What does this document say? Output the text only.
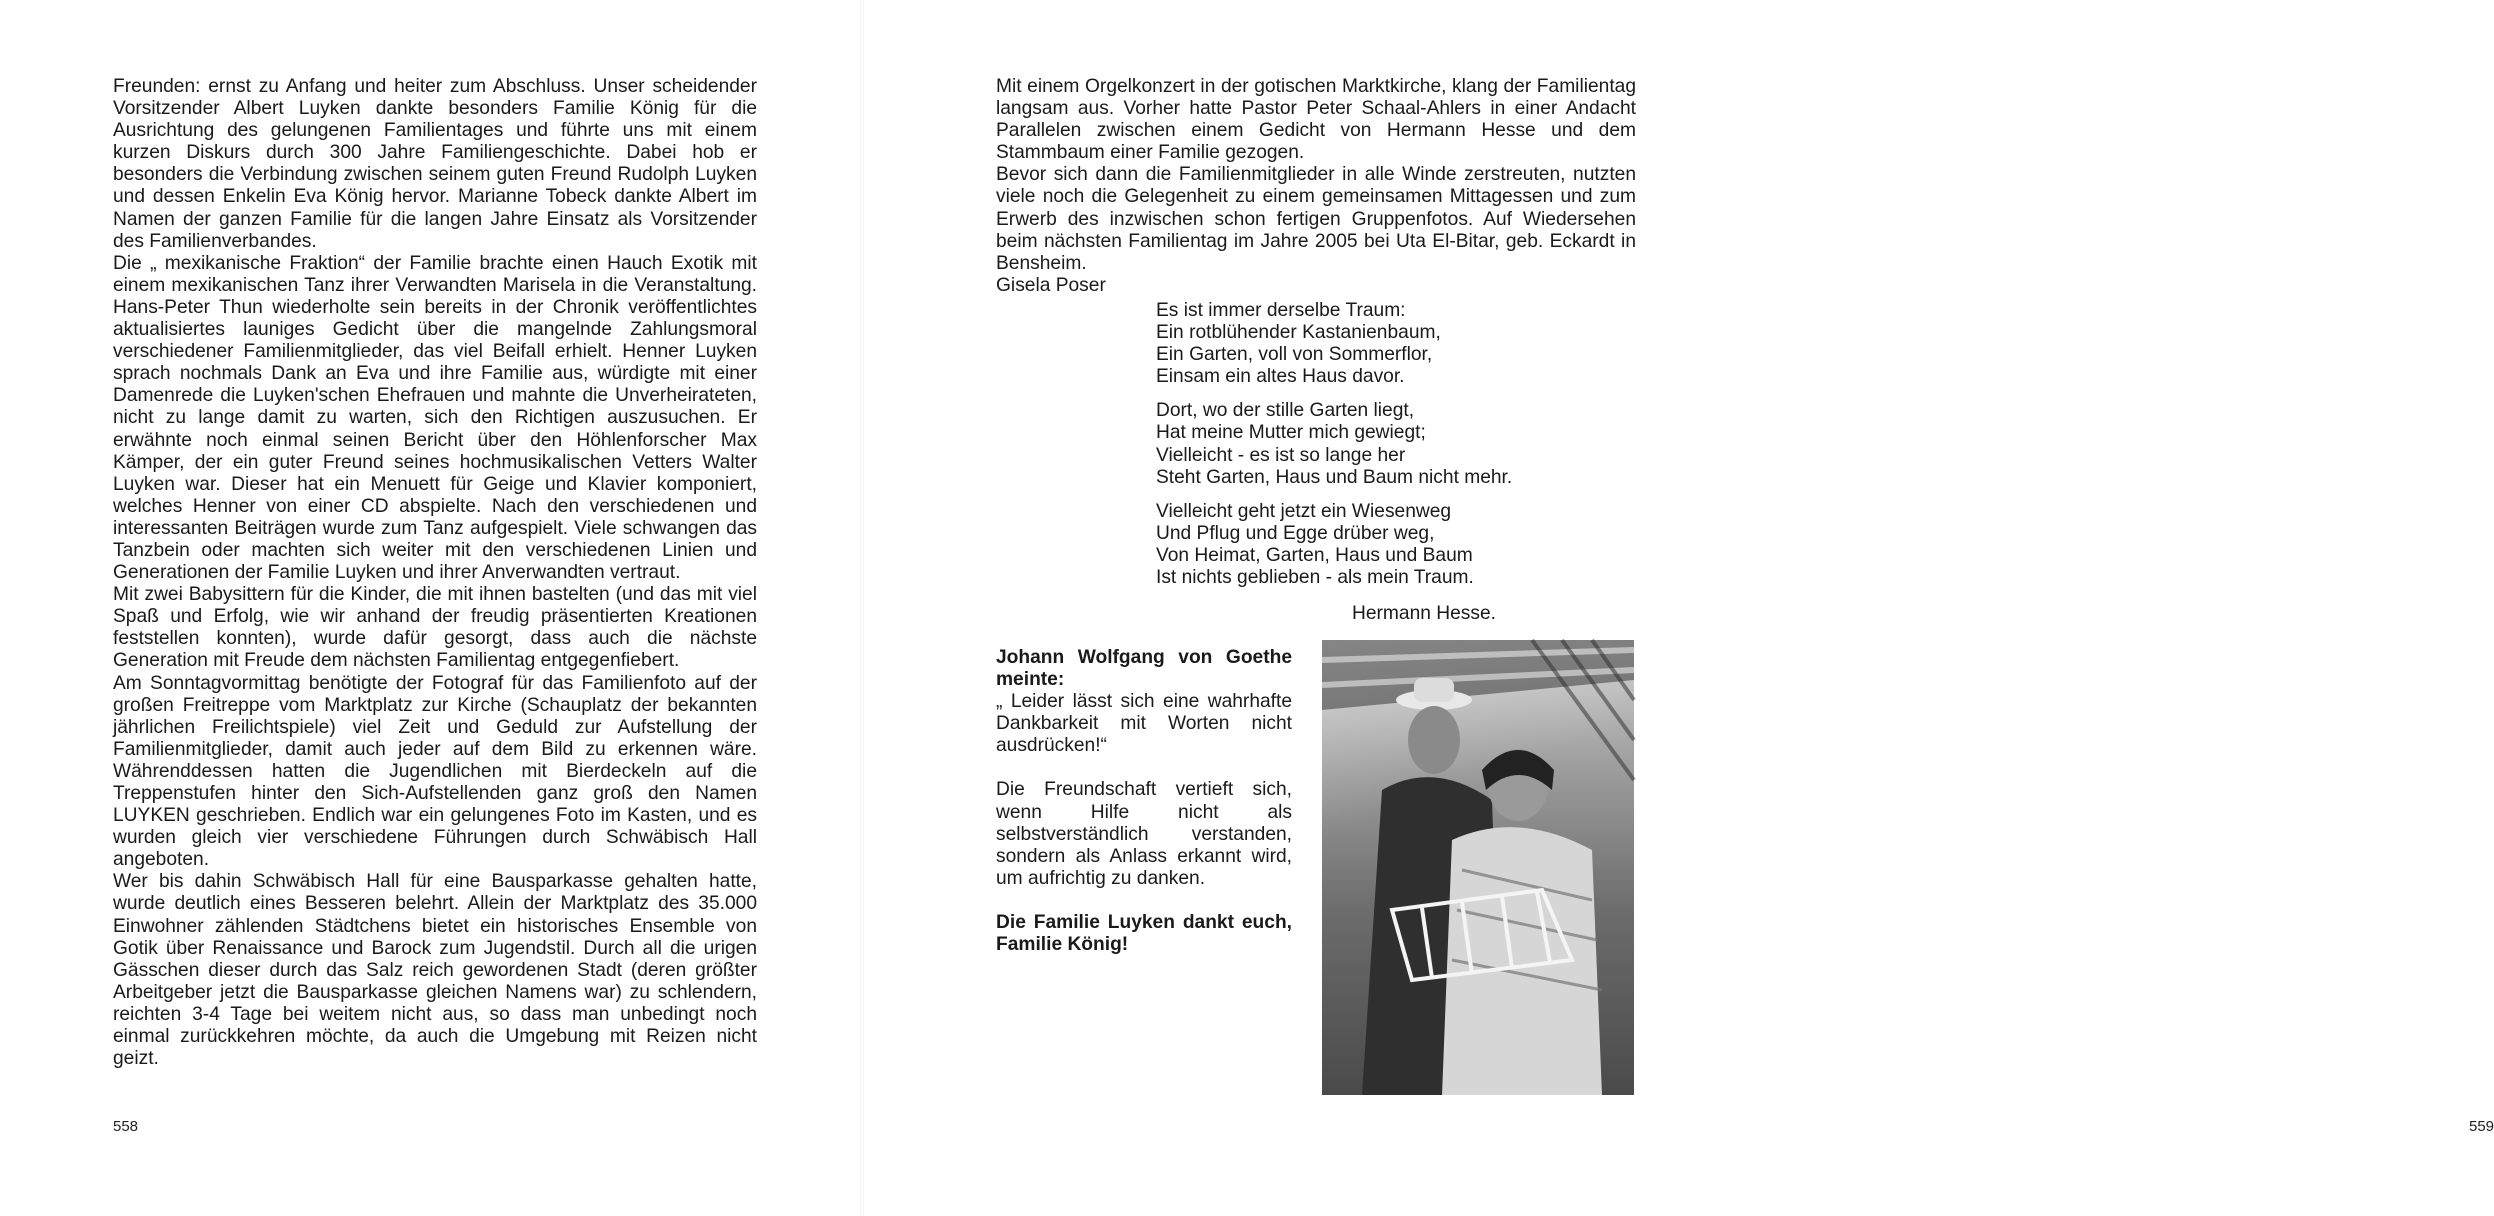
Freunden: ernst zu Anfang und heiter zum Abschluss. Unser scheidender Vorsitzender Albert Luyken dankte besonders Familie König für die Ausrichtung des gelungenen Familientages und führte uns mit einem kurzen Diskurs durch 300 Jahre Familiengeschichte. Dabei hob er besonders die Verbindung zwischen seinem guten Freund Rudolph Luyken und dessen Enkelin Eva König hervor. Marianne Tobeck dankte Albert im Namen der ganzen Familie für die langen Jahre Einsatz als Vorsitzender des Familienverbandes.

Die „ mexikanische Fraktion“ der Familie brachte einen Hauch Exotik mit einem mexikanischen Tanz ihrer Verwandten Marisela in die Veranstaltung. Hans-Peter Thun wiederholte sein bereits in der Chronik veröffentlichtes aktualisiertes launiges Gedicht über die mangelnde Zahlungsmoral verschiedener Familienmitglieder, das viel Beifall erhielt. Henner Luyken sprach nochmals Dank an Eva und ihre Familie aus, würdigte mit einer Damenrede die Luyken'schen Ehefrauen und mahnte die Unverheirateten, nicht zu lange damit zu warten, sich den Richtigen auszusuchen. Er erwähnte noch einmal seinen Bericht über den Höhlenforscher Max Kämper, der ein guter Freund seines hochmusikalischen Vetters Walter Luyken war. Dieser hat ein Menuett für Geige und Klavier komponiert, welches Henner von einer CD abspielte. Nach den verschiedenen und interessanten Beiträgen wurde zum Tanz aufgespielt. Viele schwangen das Tanzbein oder machten sich weiter mit den verschiedenen Linien und Generationen der Familie Luyken und ihrer Anverwandten vertraut.

Mit zwei Babysittern für die Kinder, die mit ihnen bastelten (und das mit viel Spaß und Erfolg, wie wir anhand der freudig präsentierten Kreationen feststellen konnten), wurde dafür gesorgt, dass auch die nächste Generation mit Freude dem nächsten Familientag entgegenfiebert.

Am Sonntagvormittag benötigte der Fotograf für das Familienfoto auf der großen Freitreppe vom Marktplatz zur Kirche (Schauplatz der bekannten jährlichen Freilichtspiele) viel Zeit und Geduld zur Aufstellung der Familienmitglieder, damit auch jeder auf dem Bild zu erkennen wäre. Währenddessen hatten die Jugendlichen mit Bierdeckeln auf die Treppenstufen hinter den Sich-Aufstellenden ganz groß den Namen LUYKEN geschrieben. Endlich war ein gelungenes Foto im Kasten, und es wurden gleich vier verschiedene Führungen durch Schwäbisch Hall angeboten.

Wer bis dahin Schwäbisch Hall für eine Bausparkasse gehalten hatte, wurde deutlich eines Besseren belehrt. Allein der Marktplatz des 35.000 Einwohner zählenden Städtchens bietet ein historisches Ensemble von Gotik über Renaissance und Barock zum Jugendstil. Durch all die urigen Gässchen dieser durch das Salz reich gewordenen Stadt (deren größter Arbeitgeber jetzt die Bausparkasse gleichen Namens war) zu schlendern, reichten 3-4 Tage bei weitem nicht aus, so dass man unbedingt noch einmal zurückkehren möchte, da auch die Umgebung mit Reizen nicht geizt.

558	559

Mit einem Orgelkonzert in der gotischen Marktkirche, klang der Familientag langsam aus. Vorher hatte Pastor Peter Schaal-Ahlers in einer Andacht Parallelen zwischen einem Gedicht von Hermann Hesse und dem Stammbaum einer Familie gezogen.

Bevor sich dann die Familienmitglieder in alle Winde zerstreuten, nutzten viele noch die Gelegenheit zu einem gemeinsamen Mittagessen und zum Erwerb des inzwischen schon fertigen Gruppenfotos. Auf Wiedersehen beim nächsten Familientag im Jahre 2005 bei Uta El-Bitar, geb. Eckardt in Bensheim.

Gisela Poser

Es ist immer derselbe Traum:
Ein rotblühender Kastanienbaum,
Ein Garten, voll von Sommerflor,
Einsam ein altes Haus davor.
Dort, wo der stille Garten liegt,
Hat meine Mutter mich gewiegt;
Vielleicht - es ist so lange her
Steht Garten, Haus und Baum nicht mehr.
Vielleicht geht jetzt ein Wiesenweg
Und Pflug und Egge drüber weg,
Von Heimat, Garten, Haus und Baum
Ist nichts geblieben - als mein Traum.
Hermann Hesse.

Johann Wolfgang von Goethe meinte:

„ Leider lässt sich eine wahrhafte Dankbarkeit mit Worten nicht ausdrücken!“

Die Freundschaft vertieft sich, wenn Hilfe nicht als selbstverständlich verstanden, sondern als Anlass erkannt wird, um aufrichtig zu danken.

Die Familie Luyken dankt euch, Familie König!
